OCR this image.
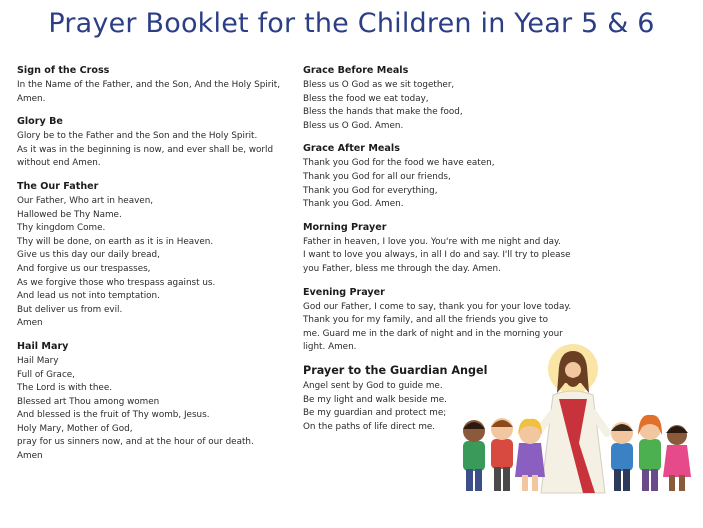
Prayer Booklet for the Children in Year 5 & 6
Sign of the Cross
In the Name of the Father, and the Son, And the Holy Spirit,
Amen.
Glory Be
Glory be to the Father and the Son and the Holy Spirit.
As it was in the beginning is now, and ever shall be, world
without end Amen.
The Our Father
Our Father, Who art in heaven,
Hallowed be Thy Name.
Thy kingdom Come.
Thy will be done, on earth as it is in Heaven.
Give us this day our daily bread,
And forgive us our trespasses,
As we forgive those who trespass against us.
And lead us not into temptation.
But deliver us from evil.
Amen
Hail Mary
Hail Mary
Full of Grace,
The Lord is with thee.
Blessed art Thou among women
And blessed is the fruit of Thy womb, Jesus.
Holy Mary, Mother of God,
pray for us sinners now, and at the hour of our death.
Amen
Grace Before Meals
Bless us O God as we sit together,
Bless the food we eat today,
Bless the hands that make the food,
Bless us O God. Amen.
Grace After Meals
Thank you God for the food we have eaten,
Thank you God for all our friends,
Thank you God for everything,
Thank you God. Amen.
Morning Prayer
Father in heaven, I love you. You're with me night and day.
I want to love you always, in all I do and say. I'll try to please
you Father, bless me through the day. Amen.
Evening Prayer
God our Father, I come to say, thank you for your love today.
Thank you for my family, and all the friends you give to
me. Guard me in the dark of night and in the morning your
light. Amen.
Prayer to the Guardian Angel
Angel sent by God to guide me.
Be my light and walk beside me.
Be my guardian and protect me;
On the paths of life direct me.
